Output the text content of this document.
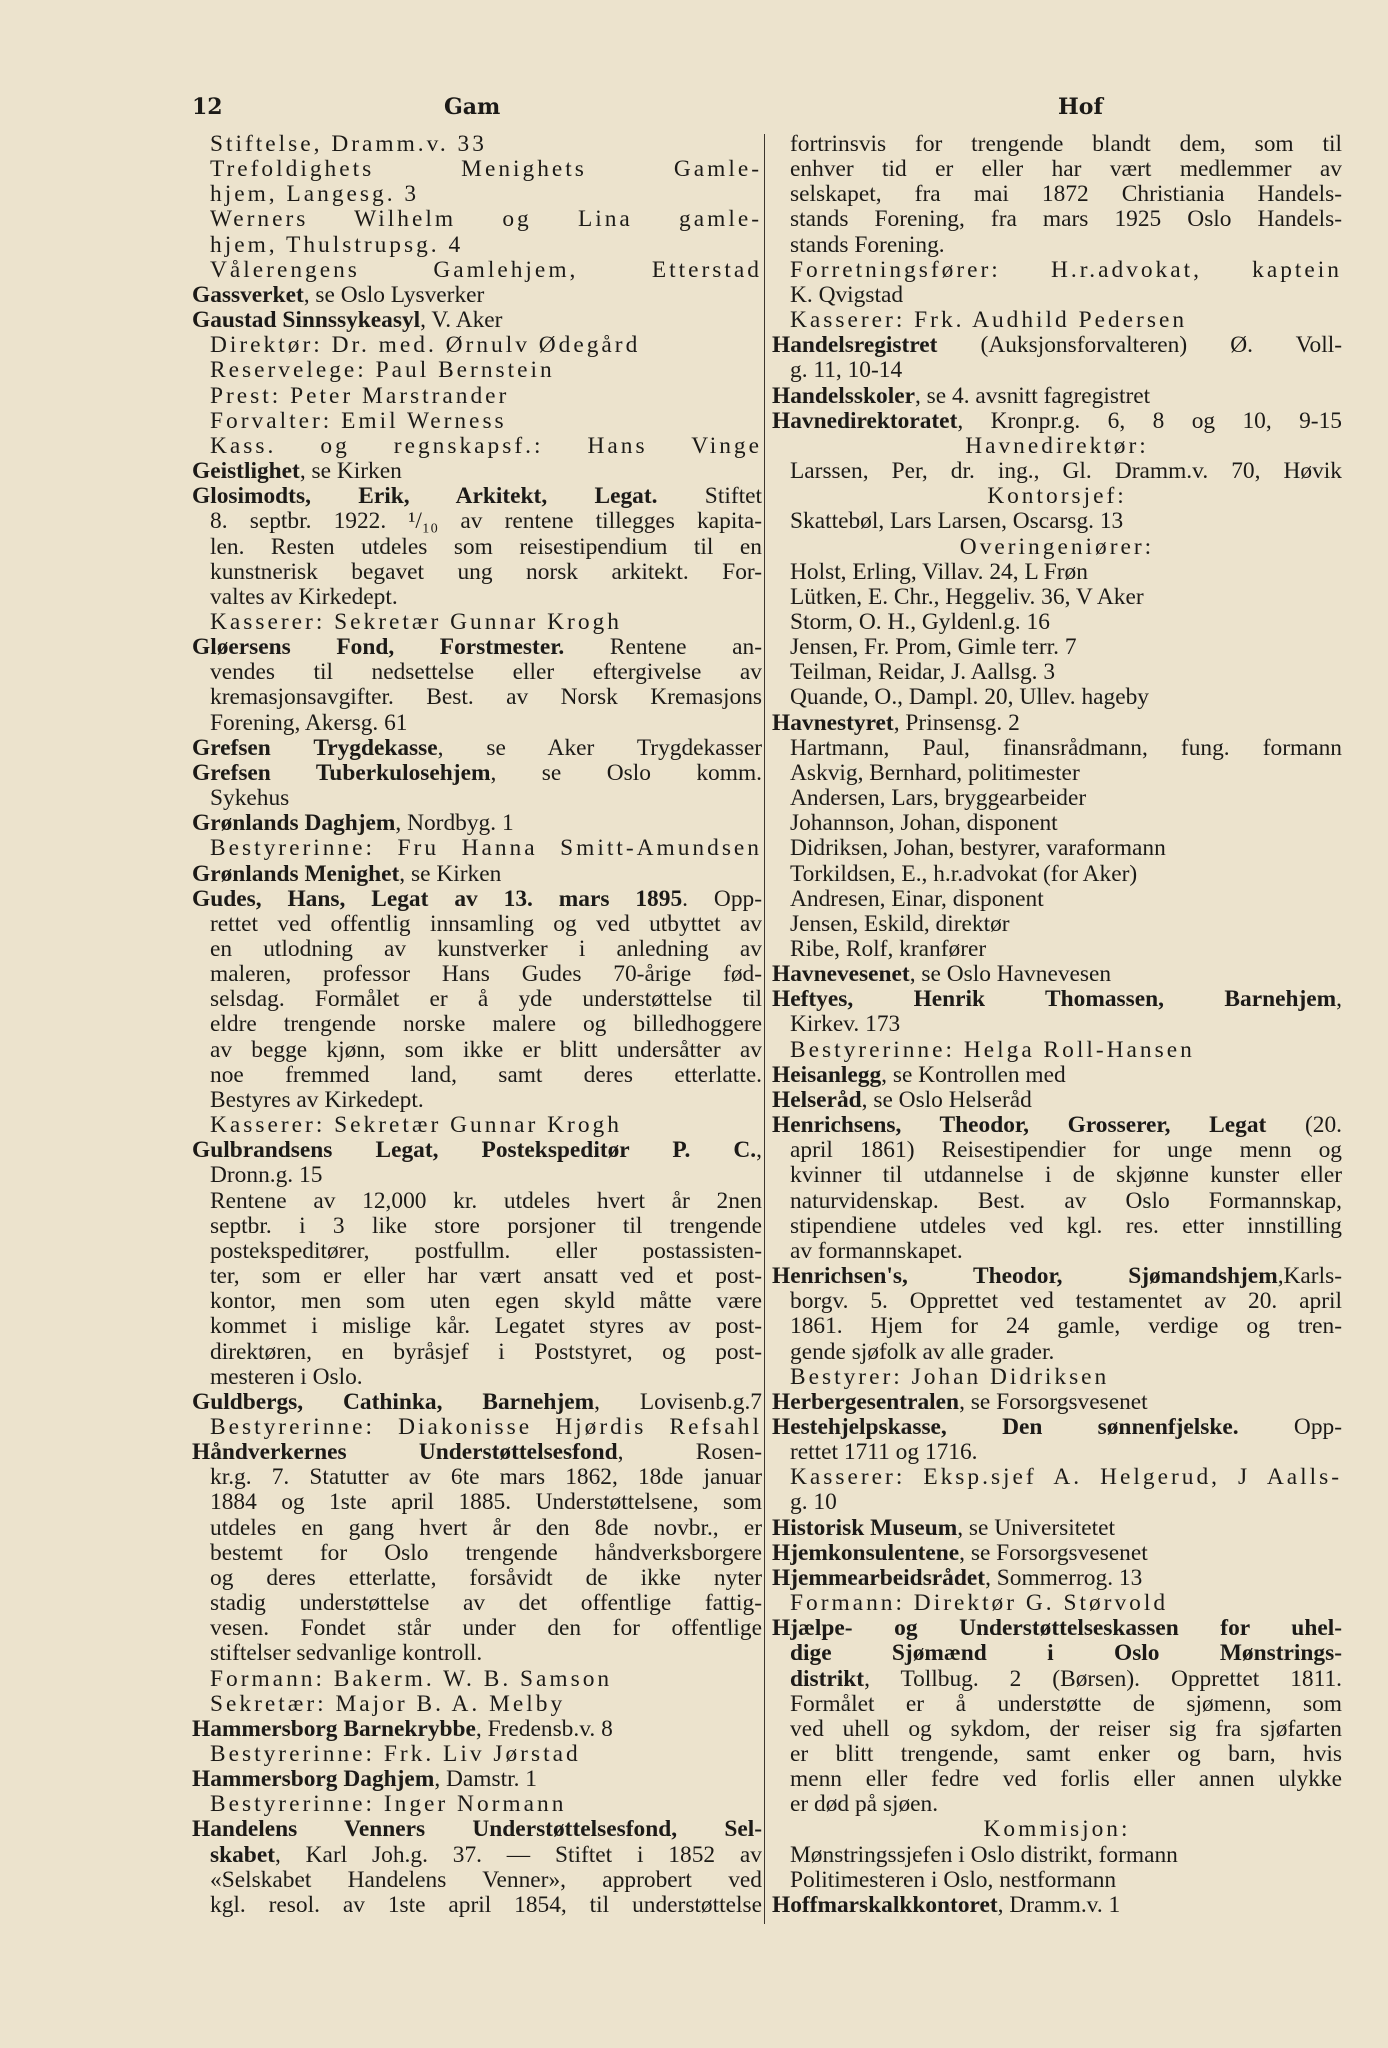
12	Gam	Hof
Stiftelse, Dramm.v. 33
Trefoldighets Menighets Gamle-
hjem, Langesg. 3
Werners Wilhelm og Lina gamle-
hjem, Thulstrupsg. 4
Vålerengens Gamlehjem, Etterstad
Gassverket, se Oslo Lysverker
Gaustad Sinnssykeasyl, V. Aker
Direktør: Dr. med. Ørnulv Ødegård
Reservelege: Paul Bernstein
Prest: Peter Marstrander
Forvalter: Emil Werness
Kass. og regnskapsf.: Hans Vinge
Geistlighet, se Kirken
Glosimodts, Erik, Arkitekt, Legat. Stiftet
8. septbr. 1922. ¹/₁₀ av rentene tillegges kapita-
len. Resten utdeles som reisestipendium til en
kunstnerisk begavet ung norsk arkitekt. For-
valtes av Kirkedept.
Kasserer: Sekretær Gunnar Krogh
Gløersens Fond, Forstmester. Rentene an-
vendes til nedsettelse eller eftergivelse av
kremasjonsavgifter. Best. av Norsk Kremasjons
Forening, Akersg. 61
Grefsen Trygdekasse, se Aker Trygdekasser
Grefsen Tuberkulosehjem, se Oslo komm.
Sykehus
Grønlands Daghjem, Nordbyg. 1
Bestyrerinne: Fru Hanna Smitt-Amundsen
Grønlands Menighet, se Kirken
Gudes, Hans, Legat av 13. mars 1895. Opp-
rettet ved offentlig innsamling og ved utbyttet av
en utlodning av kunstverker i anledning av
maleren, professor Hans Gudes 70-årige fød-
selsdag. Formålet er å yde understøttelse til
eldre trengende norske malere og billedhoggere
av begge kjønn, som ikke er blitt undersåtter av
noe fremmed land, samt deres etterlatte.
Bestyres av Kirkedept.
Kasserer: Sekretær Gunnar Krogh
Gulbrandsens Legat, Postekspeditør P. C.,
Dronn.g. 15
Rentene av 12,000 kr. utdeles hvert år 2nen
septbr. i 3 like store porsjoner til trengende
postekspeditører, postfullm. eller postassisten-
ter, som er eller har vært ansatt ved et post-
kontor, men som uten egen skyld måtte være
kommet i mislige kår. Legatet styres av post-
direktøren, en byråsjef i Poststyret, og post-
mesteren i Oslo.
Guldbergs, Cathinka, Barnehjem, Lovisenb.g.7
Bestyrerinne: Diakonisse Hjørdis Refsahl
Håndverkernes Understøttelsesfond, Rosen-
kr.g. 7. Statutter av 6te mars 1862, 18de januar
1884 og 1ste april 1885. Understøttelsene, som
utdeles en gang hvert år den 8de novbr., er
bestemt for Oslo trengende håndverksborgere
og deres etterlatte, forsåvidt de ikke nyter
stadig understøttelse av det offentlige fattig-
vesen. Fondet står under den for offentlige
stiftelser sedvanlige kontroll.
Formann: Bakerm. W. B. Samson
Sekretær: Major B. A. Melby
Hammersborg Barnekrybbe, Fredensb.v. 8
Bestyrerinne: Frk. Liv Jørstad
Hammersborg Daghjem, Damstr. 1
Bestyrerinne: Inger Normann
Handelens Venners Understøttelsesfond, Sel-
skabet, Karl Joh.g. 37. — Stiftet i 1852 av
«Selskabet Handelens Venner», approbert ved
kgl. resol. av 1ste april 1854, til understøttelse
fortrinsvis for trengende blandt dem, som til
enhver tid er eller har vært medlemmer av
selskapet, fra mai 1872 Christiania Handels-
stands Forening, fra mars 1925 Oslo Handels-
stands Forening.
Forretningsfører: H.r.advokat, kaptein
K. Qvigstad
Kasserer: Frk. Audhild Pedersen
Handelsregistret (Auksjonsforvalteren) Ø. Voll-
g. 11, 10-14
Handelsskoler, se 4. avsnitt fagregistret
Havnedirektoratet, Kronpr.g. 6, 8 og 10, 9-15
Havnedirektør:
Larssen, Per, dr. ing., Gl. Dramm.v. 70, Høvik
Kontorsjef:
Skattebøl, Lars Larsen, Oscarsg. 13
Overingeniører:
Holst, Erling, Villav. 24, L Frøn
Lütken, E. Chr., Heggeliv. 36, V Aker
Storm, O. H., Gyldenl.g. 16
Jensen, Fr. Prom, Gimle terr. 7
Teilman, Reidar, J. Aallsg. 3
Quande, O., Dampl. 20, Ullev. hageby
Havnestyret, Prinsensg. 2
Hartmann, Paul, finansrådmann, fung. formann
Askvig, Bernhard, politimester
Andersen, Lars, bryggearbeider
Johannson, Johan, disponent
Didriksen, Johan, bestyrer, varaformann
Torkildsen, E., h.r.advokat (for Aker)
Andresen, Einar, disponent
Jensen, Eskild, direktør
Ribe, Rolf, kranfører
Havnevesenet, se Oslo Havnevesen
Heftyes, Henrik Thomassen, Barnehjem,
Kirkev. 173
Bestyrerinne: Helga Roll-Hansen
Heisanlegg, se Kontrollen med
Helseråd, se Oslo Helseråd
Henrichsens, Theodor, Grosserer, Legat (20.
april 1861) Reisestipendier for unge menn og
kvinner til utdannelse i de skjønne kunster eller
naturvidenskap. Best. av Oslo Formannskap,
stipendiene utdeles ved kgl. res. etter innstilling
av formannskapet.
Henrichsen's, Theodor, Sjømandshjem,Karls-
borgv. 5. Opprettet ved testamentet av 20. april
1861. Hjem for 24 gamle, verdige og tren-
gende sjøfolk av alle grader.
Bestyrer: Johan Didriksen
Herbergesentralen, se Forsorgsvesenet
Hestehjelpskasse, Den sønnenfjelske. Opp-
rettet 1711 og 1716.
Kasserer: Eksp.sjef A. Helgerud, J Aalls-
g. 10
Historisk Museum, se Universitetet
Hjemkonsulentene, se Forsorgsvesenet
Hjemmearbeidsrådet, Sommerrog. 13
Formann: Direktør G. Størvold
Hjælpe- og Understøttelseskassen for uhel-
dige Sjømænd i Oslo Mønstrings-
distrikt, Tollbug. 2 (Børsen). Opprettet 1811.
Formålet er å understøtte de sjømenn, som
ved uhell og sykdom, der reiser sig fra sjøfarten
er blitt trengende, samt enker og barn, hvis
menn eller fedre ved forlis eller annen ulykke
er død på sjøen.
Kommisjon:
Mønstringssjefen i Oslo distrikt, formann
Politimesteren i Oslo, nestformann
Hoffmarskalkkontoret, Dramm.v. 1
